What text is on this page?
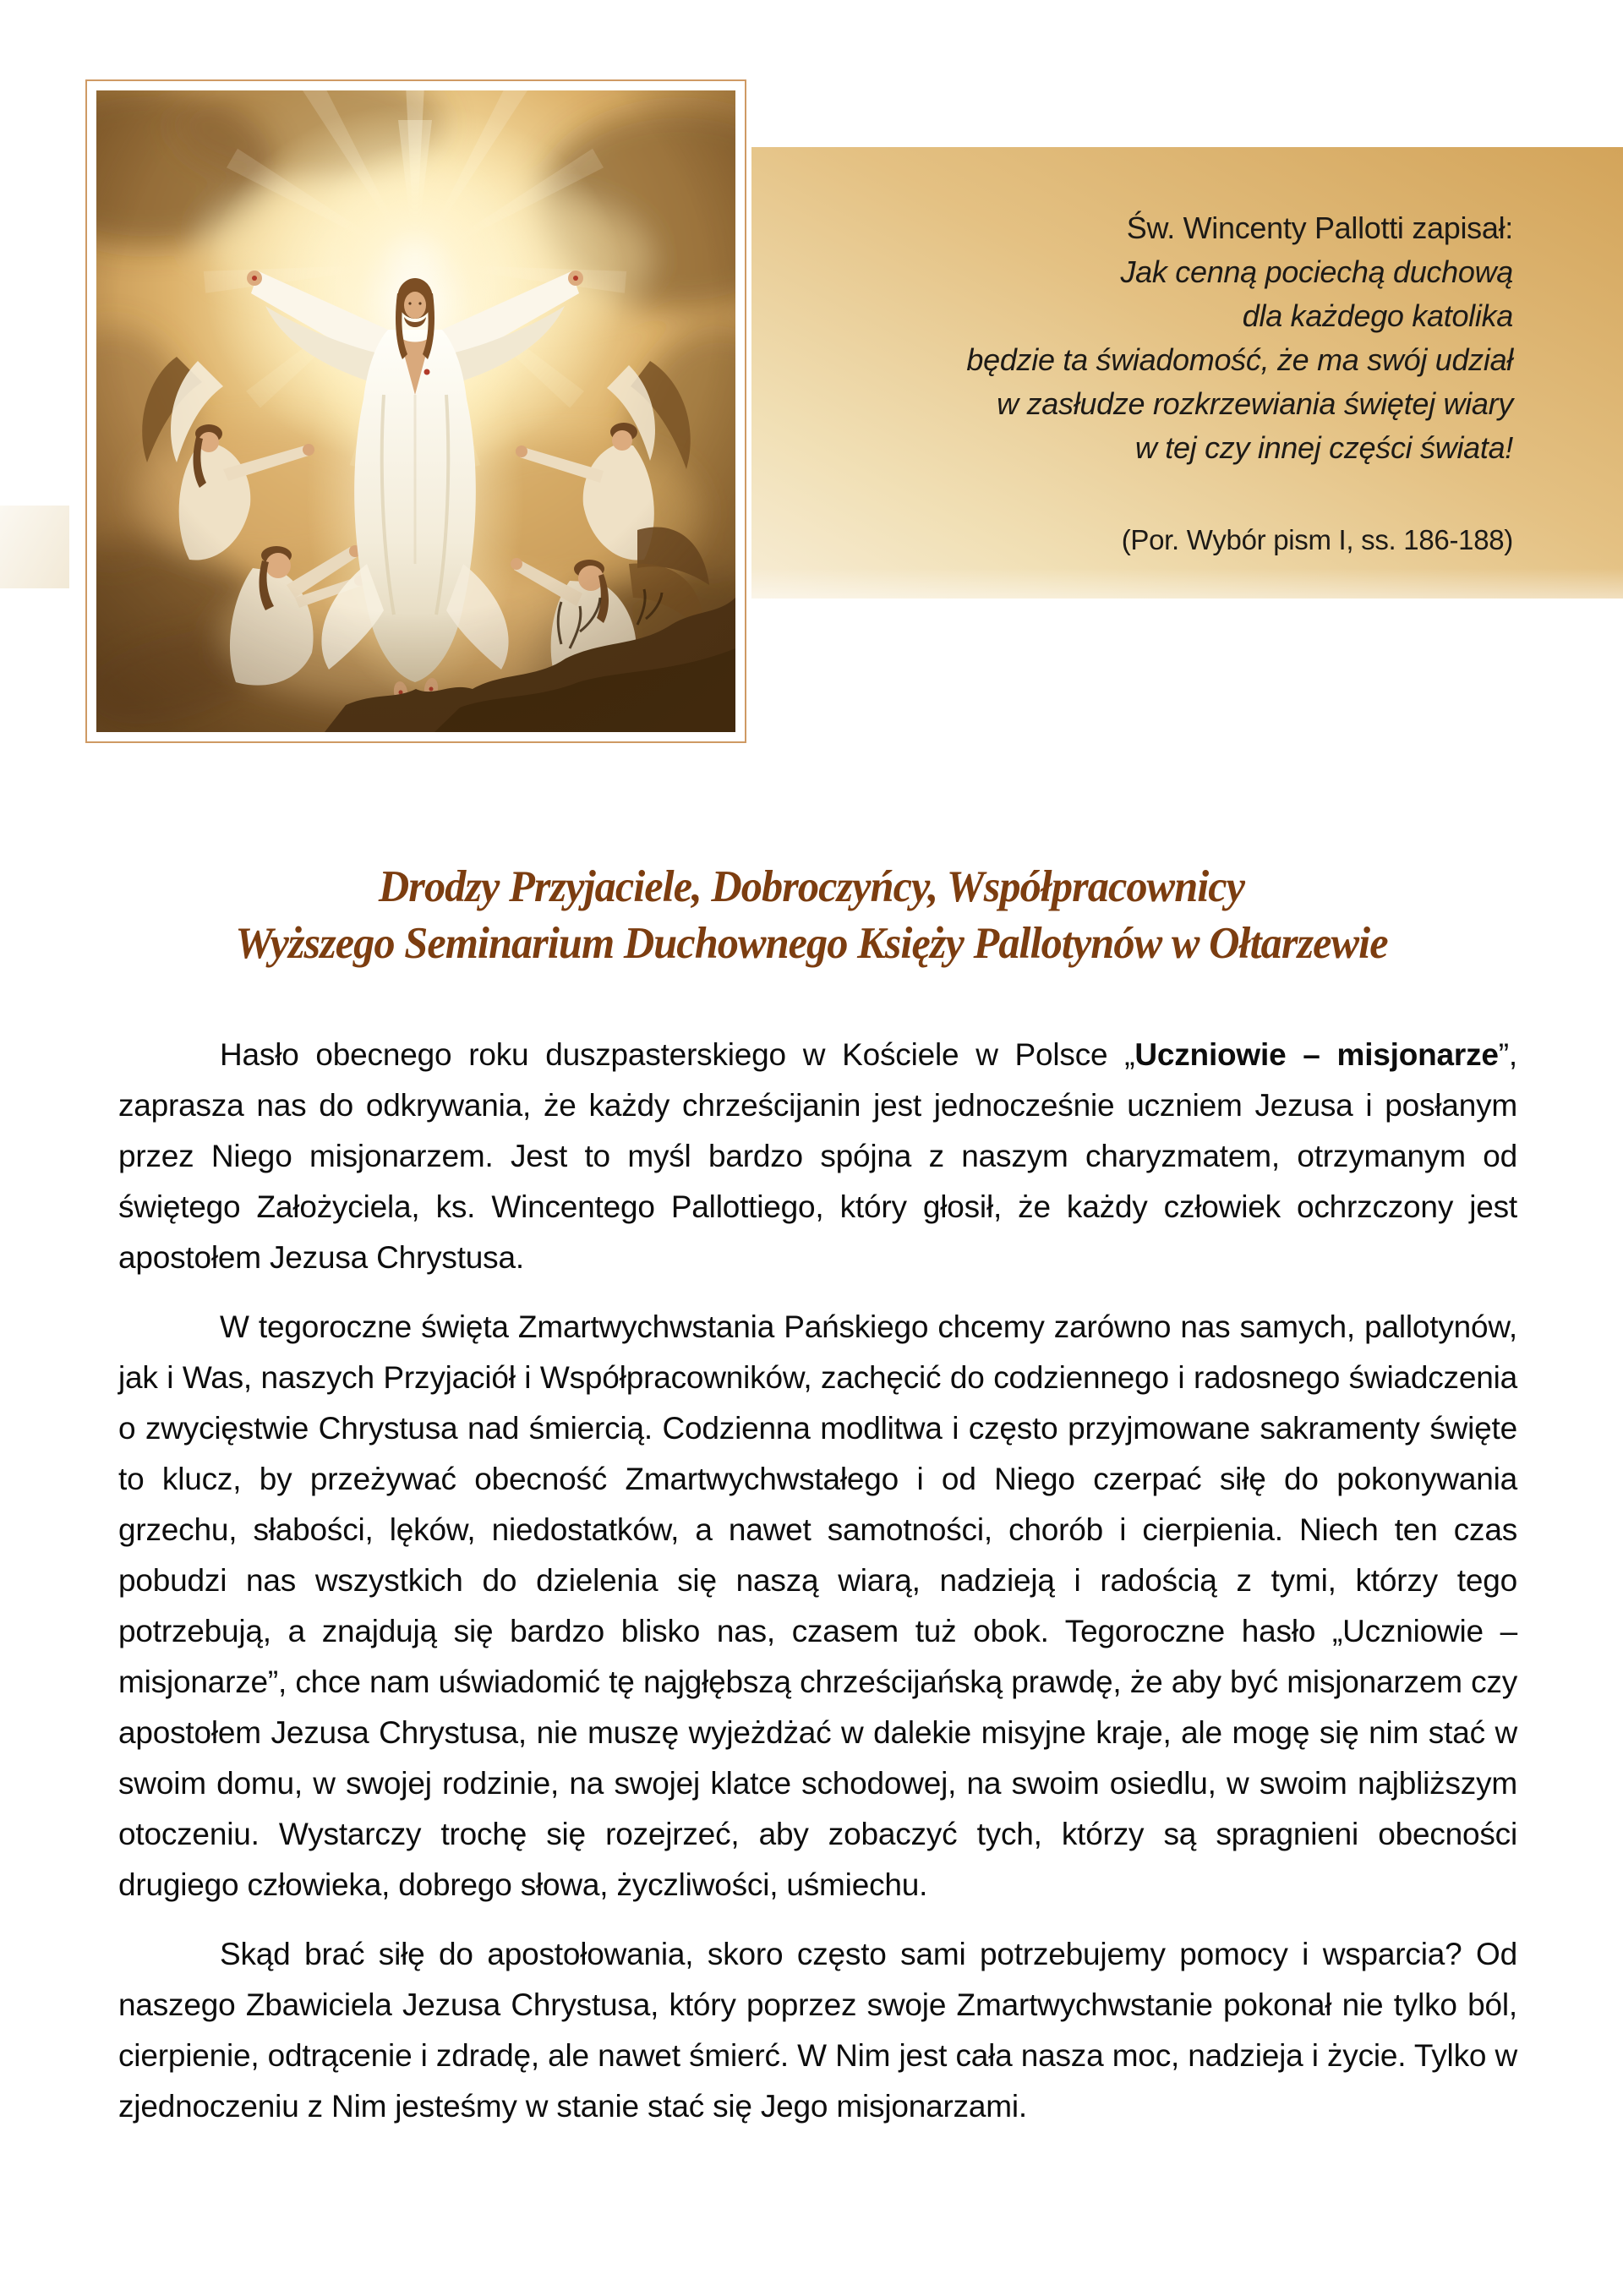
Św. Wincenty Pallotti zapisał:
Jak cenną pociechą duchową
dla każdego katolika
będzie ta świadomość, że ma swój udział
w zasłudze rozkrzewiania świętej wiary
w tej czy innej części świata!
(Por. Wybór pism I, ss. 186-188)
Drodzy Przyjaciele, Dobroczyńcy, Współpracownicy
Wyższego Seminarium Duchownego Księży Pallotynów w Ołtarzewie

Hasło obecnego roku duszpasterskiego w Kościele w Polsce „Uczniowie – misjonarze”, zaprasza nas do odkrywania, że każdy chrześcijanin jest jednocześnie uczniem Jezusa i posłanym przez Niego misjonarzem. Jest to myśl bardzo spójna z naszym charyzmatem, otrzymanym od świętego Założyciela, ks. Wincentego Pallottiego, który głosił, że każdy człowiek ochrzczony jest apostołem Jezusa Chrystusa.

W tegoroczne święta Zmartwychwstania Pańskiego chcemy zarówno nas samych, pallotynów, jak i Was, naszych Przyjaciół i Współpracowników, zachęcić do codziennego i radosnego świadczenia o zwycięstwie Chrystusa nad śmiercią. Codzienna modlitwa i często przyjmowane sakramenty święte to klucz, by przeżywać obecność Zmartwychwstałego i od Niego czerpać siłę do pokonywania grzechu, słabości, lęków, niedostatków, a nawet samotności, chorób i cierpienia. Niech ten czas pobudzi nas wszystkich do dzielenia się naszą wiarą, nadzieją i radością z tymi, którzy tego potrzebują, a znajdują się bardzo blisko nas, czasem tuż obok. Tegoroczne hasło „Uczniowie – misjonarze”, chce nam uświadomić tę najgłębszą chrześcijańską prawdę, że aby być misjonarzem czy apostołem Jezusa Chrystusa, nie muszę wyjeżdżać w dalekie misyjne kraje, ale mogę się nim stać w swoim domu, w swojej rodzinie, na swojej klatce schodowej, na swoim osiedlu, w swoim najbliższym otoczeniu. Wystarczy trochę się rozejrzeć, aby zobaczyć tych, którzy są spragnieni obecności drugiego człowieka, dobrego słowa, życzliwości, uśmiechu.

Skąd brać siłę do apostołowania, skoro często sami potrzebujemy pomocy i wsparcia? Od naszego Zbawiciela Jezusa Chrystusa, który poprzez swoje Zmartwychwstanie pokonał nie tylko ból, cierpienie, odtrącenie i zdradę, ale nawet śmierć. W Nim jest cała nasza moc, nadzieja i życie. Tylko w zjednoczeniu z Nim jesteśmy w stanie stać się Jego misjonarzami.
